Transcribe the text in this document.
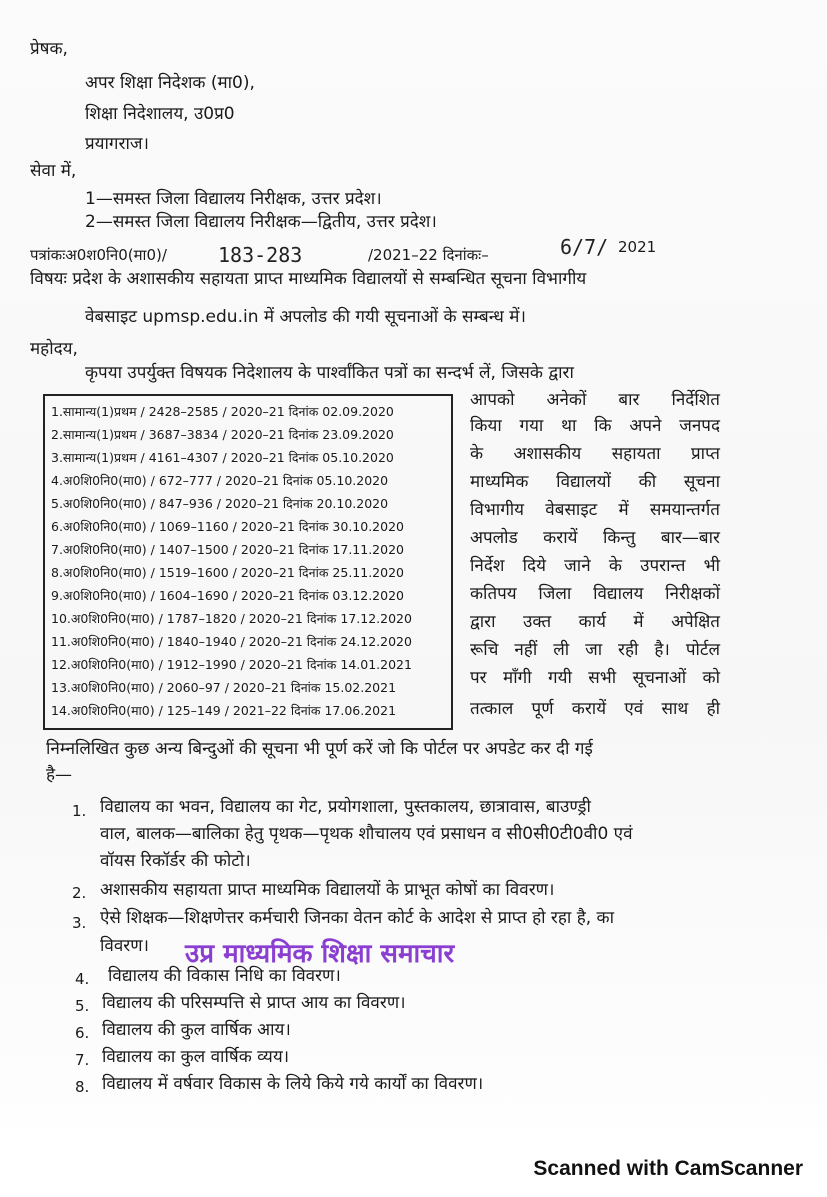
प्रेषक,
अपर शिक्षा निदेशक (मा0),
शिक्षा निदेशालय, उ0प्र0
प्रयागराज।
सेवा में,
1—समस्त जिला विद्यालय निरीक्षक, उत्तर प्रदेश।
2—समस्त जिला विद्यालय निरीक्षक—द्वितीय, उत्तर प्रदेश।
पत्रांकःअ0श0नि0(मा0)/	183-283	/2021–22 दिनांकः–	6/7/ 2021
विषयः प्रदेश के अशासकीय सहायता प्राप्त माध्यमिक विद्यालयों से सम्बन्धित सूचना विभागीय
वेबसाइट upmsp.edu.in में अपलोड की गयी सूचनाओं के सम्बन्ध में।
महोदय,
कृपया उपर्युक्त विषयक निदेशालय के पार्श्वांकित पत्रों का सन्दर्भ लें, जिसके द्वारा
1.सामान्य(1)प्रथम / 2428–2585 / 2020–21 दिनांक 02.09.2020
2.सामान्य(1)प्रथम / 3687–3834 / 2020–21 दिनांक 23.09.2020
3.सामान्य(1)प्रथम / 4161–4307 / 2020–21 दिनांक 05.10.2020
4.अ0शि0नि0(मा0) / 672–777 / 2020–21 दिनांक 05.10.2020
5.अ0शि0नि0(मा0) / 847–936 / 2020–21 दिनांक 20.10.2020
6.अ0शि0नि0(मा0) / 1069–1160 / 2020–21 दिनांक 30.10.2020
7.अ0शि0नि0(मा0) / 1407–1500 / 2020–21 दिनांक 17.11.2020
8.अ0शि0नि0(मा0) / 1519–1600 / 2020–21 दिनांक 25.11.2020
9.अ0शि0नि0(मा0) / 1604–1690 / 2020–21 दिनांक 03.12.2020
10.अ0शि0नि0(मा0) / 1787–1820 / 2020–21 दिनांक 17.12.2020
11.अ0शि0नि0(मा0) / 1840–1940 / 2020–21 दिनांक 24.12.2020
12.अ0शि0नि0(मा0) / 1912–1990 / 2020–21 दिनांक 14.01.2021
13.अ0शि0नि0(मा0) / 2060–97 / 2020–21 दिनांक 15.02.2021
14.अ0शि0नि0(मा0) / 125–149 / 2021–22 दिनांक 17.06.2021
आपको अनेकों बार निर्देशित
किया गया था कि अपने जनपद
के अशासकीय सहायता प्राप्त
माध्यमिक विद्यालयों की सूचना
विभागीय वेबसाइट में समयान्तर्गत
अपलोड करायें किन्तु बार—बार
निर्देश दिये जाने के उपरान्त भी
कतिपय जिला विद्यालय निरीक्षकों
द्वारा उक्त कार्य में अपेक्षित
रूचि नहीं ली जा रही है। पोर्टल
पर माँगी गयी सभी सूचनाओं को
तत्काल पूर्ण करायें एवं साथ ही
निम्नलिखित कुछ अन्य बिन्दुओं की सूचना भी पूर्ण करें जो कि पोर्टल पर अपडेट कर दी गई
है—
1. विद्यालय का भवन, विद्यालय का गेट, प्रयोगशाला, पुस्तकालय, छात्रावास, बाउण्ड्री
वाल, बालक—बालिका हेतु पृथक—पृथक शौचालय एवं प्रसाधन व सी0सी0टी0वी0 एवं
वॉयस रिकॉर्डर की फोटो।
2. अशासकीय सहायता प्राप्त माध्यमिक विद्यालयों के प्राभूत कोषों का विवरण।
3. ऐसे शिक्षक—शिक्षणेत्तर कर्मचारी जिनका वेतन कोर्ट के आदेश से प्राप्त हो रहा है, का
विवरण। उप्र माध्यमिक शिक्षा समाचार
4. विद्यालय की विकास निधि का विवरण।
5. विद्यालय की परिसम्पत्ति से प्राप्त आय का विवरण।
6. विद्यालय की कुल वार्षिक आय।
7. विद्यालय का कुल वार्षिक व्यय।
8. विद्यालय में वर्षवार विकास के लिये किये गये कार्यों का विवरण।
Scanned with CamScanner
